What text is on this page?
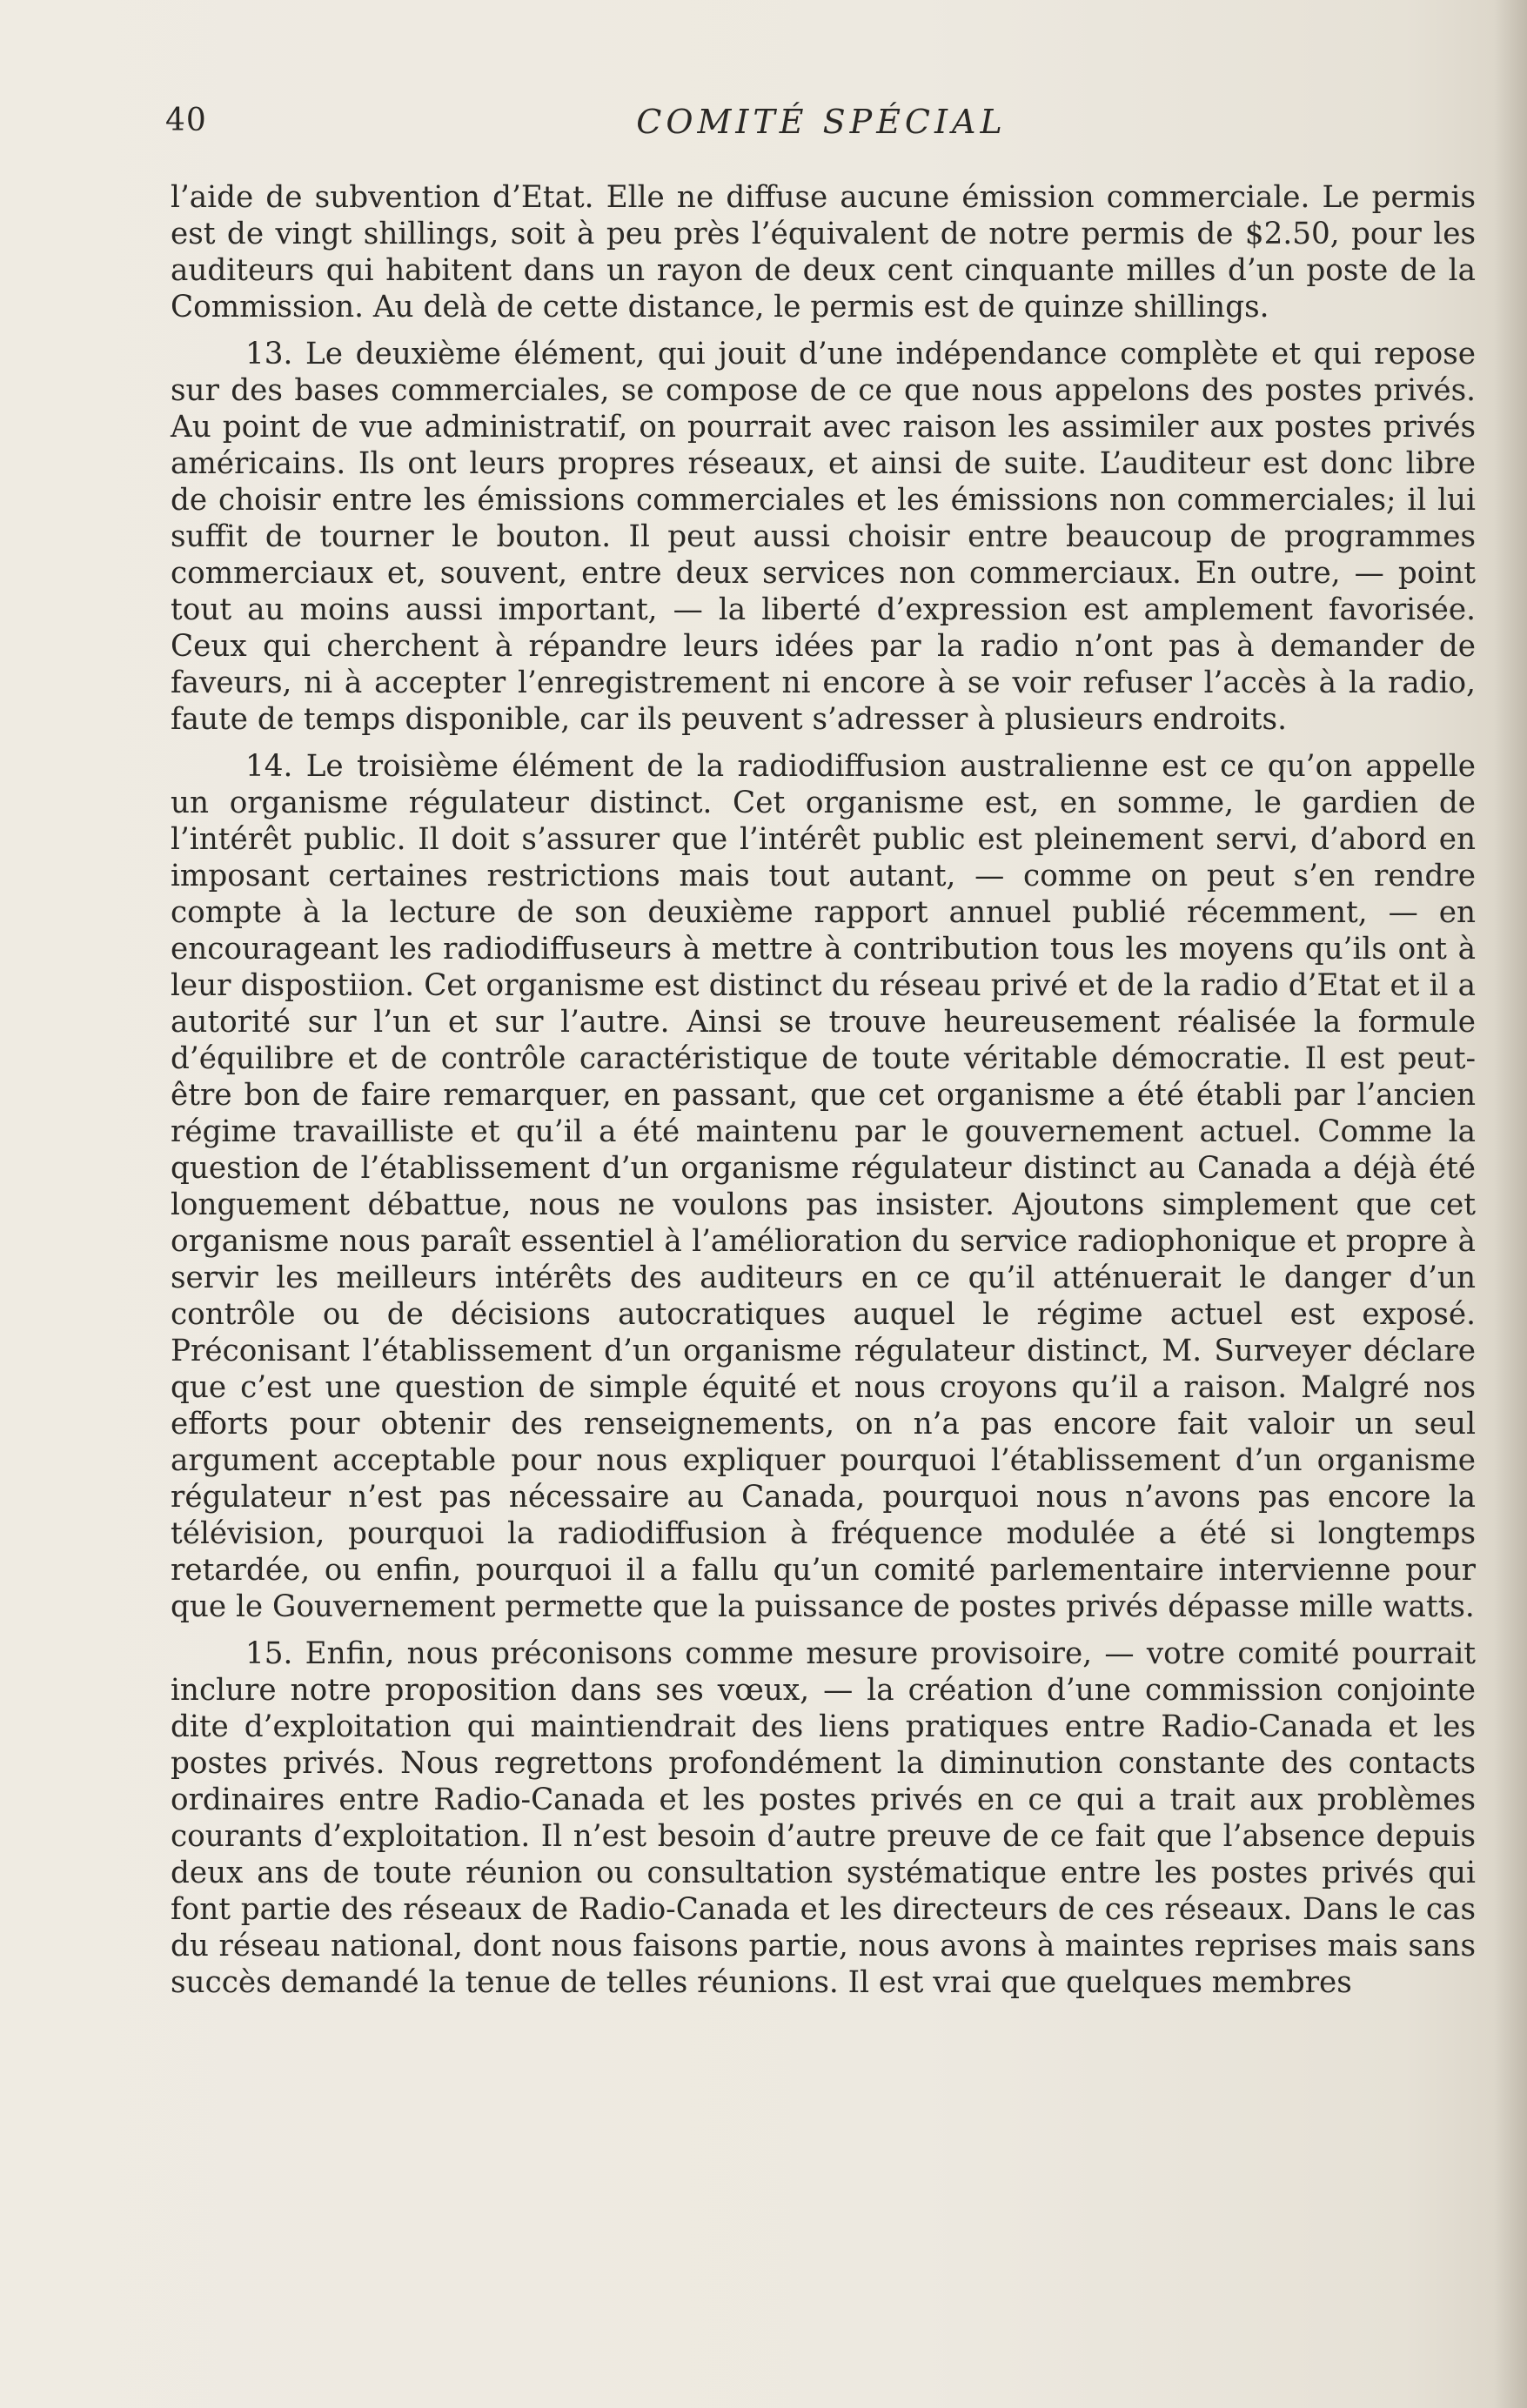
40	COMITÉ SPÉCIAL

l’aide de subvention d’Etat. Elle ne diffuse aucune émission commerciale. Le permis est de vingt shillings, soit à peu près l’équivalent de notre permis de $2.50, pour les auditeurs qui habitent dans un rayon de deux cent cinquante milles d’un poste de la Commission. Au delà de cette distance, le permis est de quinze shillings.

13. Le deuxième élément, qui jouit d’une indépendance complète et qui repose sur des bases commerciales, se compose de ce que nous appelons des postes privés. Au point de vue administratif, on pourrait avec raison les assimiler aux postes privés américains. Ils ont leurs propres réseaux, et ainsi de suite. L’auditeur est donc libre de choisir entre les émissions commerciales et les émissions non commerciales; il lui suffit de tourner le bouton. Il peut aussi choisir entre beaucoup de programmes commerciaux et, souvent, entre deux services non commerciaux. En outre, — point tout au moins aussi important, — la liberté d’expression est amplement favorisée. Ceux qui cherchent à répandre leurs idées par la radio n’ont pas à demander de faveurs, ni à accepter l’enregistrement ni encore à se voir refuser l’accès à la radio, faute de temps disponible, car ils peuvent s’adresser à plusieurs endroits.

14. Le troisième élément de la radiodiffusion australienne est ce qu’on appelle un organisme régulateur distinct. Cet organisme est, en somme, le gardien de l’intérêt public. Il doit s’assurer que l’intérêt public est pleinement servi, d’abord en imposant certaines restrictions mais tout autant, — comme on peut s’en rendre compte à la lecture de son deuxième rapport annuel publié récemment, — en encourageant les radiodiffuseurs à mettre à contribution tous les moyens qu’ils ont à leur dispostiion. Cet organisme est distinct du réseau privé et de la radio d’Etat et il a autorité sur l’un et sur l’autre. Ainsi se trouve heureusement réalisée la formule d’équilibre et de contrôle caractéristique de toute véritable démocratie. Il est peut-être bon de faire remarquer, en passant, que cet organisme a été établi par l’ancien régime travailliste et qu’il a été maintenu par le gouvernement actuel. Comme la question de l’établissement d’un organisme régulateur distinct au Canada a déjà été longuement débattue, nous ne voulons pas insister. Ajoutons simplement que cet organisme nous paraît essentiel à l’amélioration du service radiophonique et propre à servir les meilleurs intérêts des auditeurs en ce qu’il atténuerait le danger d’un contrôle ou de décisions autocratiques auquel le régime actuel est exposé. Préconisant l’établissement d’un organisme régulateur distinct, M. Surveyer déclare que c’est une question de simple équité et nous croyons qu’il a raison. Malgré nos efforts pour obtenir des renseignements, on n’a pas encore fait valoir un seul argument acceptable pour nous expliquer pourquoi l’établissement d’un organisme régulateur n’est pas nécessaire au Canada, pourquoi nous n’avons pas encore la télévision, pourquoi la radiodiffusion à fréquence modulée a été si longtemps retardée, ou enfin, pourquoi il a fallu qu’un comité parlementaire intervienne pour que le Gouvernement permette que la puissance de postes privés dépasse mille watts.

15. Enfin, nous préconisons comme mesure provisoire, — votre comité pourrait inclure notre proposition dans ses vœux, — la création d’une commission conjointe dite d’exploitation qui maintiendrait des liens pratiques entre Radio-Canada et les postes privés. Nous regrettons profondément la diminution constante des contacts ordinaires entre Radio-Canada et les postes privés en ce qui a trait aux problèmes courants d’exploitation. Il n’est besoin d’autre preuve de ce fait que l’absence depuis deux ans de toute réunion ou consultation systématique entre les postes privés qui font partie des réseaux de Radio-Canada et les directeurs de ces réseaux. Dans le cas du réseau national, dont nous faisons partie, nous avons à maintes reprises mais sans succès demandé la tenue de telles réunions. Il est vrai que quelques membres
